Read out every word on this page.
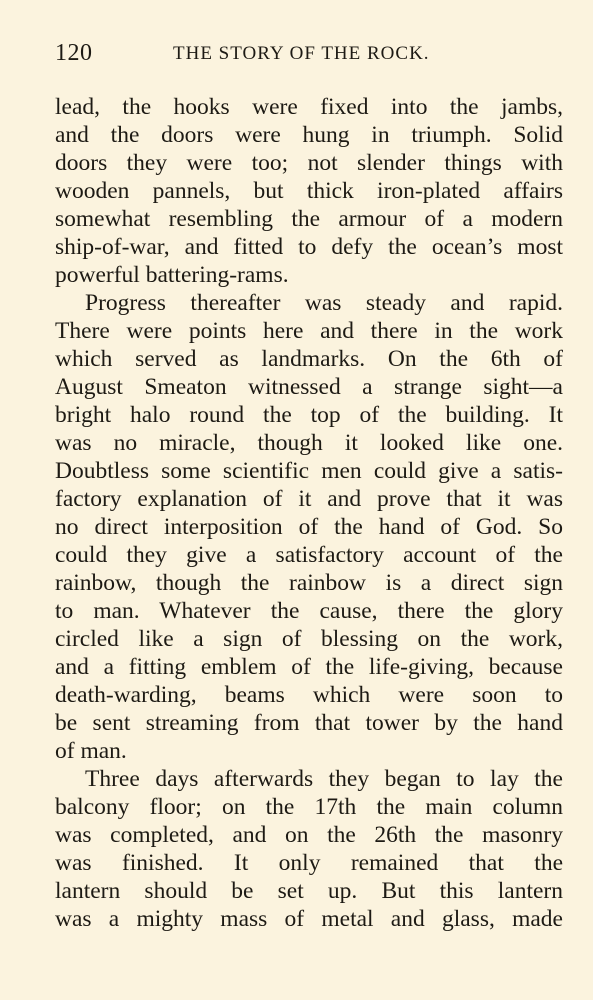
120	THE STORY OF THE ROCK.
lead, the hooks were fixed into the jambs,
and the doors were hung in triumph. Solid
doors they were too; not slender things with
wooden pannels, but thick iron-plated affairs
somewhat resembling the armour of a modern
ship-of-war, and fitted to defy the ocean’s most
powerful battering-rams.
Progress thereafter was steady and rapid.
There were points here and there in the work
which served as landmarks. On the 6th of
August Smeaton witnessed a strange sight—a
bright halo round the top of the building. It
was no miracle, though it looked like one.
Doubtless some scientific men could give a satis-
factory explanation of it and prove that it was
no direct interposition of the hand of God. So
could they give a satisfactory account of the
rainbow, though the rainbow is a direct sign
to man. Whatever the cause, there the glory
circled like a sign of blessing on the work,
and a fitting emblem of the life-giving, because
death-warding, beams which were soon to
be sent streaming from that tower by the hand
of man.
Three days afterwards they began to lay the
balcony floor; on the 17th the main column
was completed, and on the 26th the masonry
was finished. It only remained that the
lantern should be set up. But this lantern
was a mighty mass of metal and glass, made
